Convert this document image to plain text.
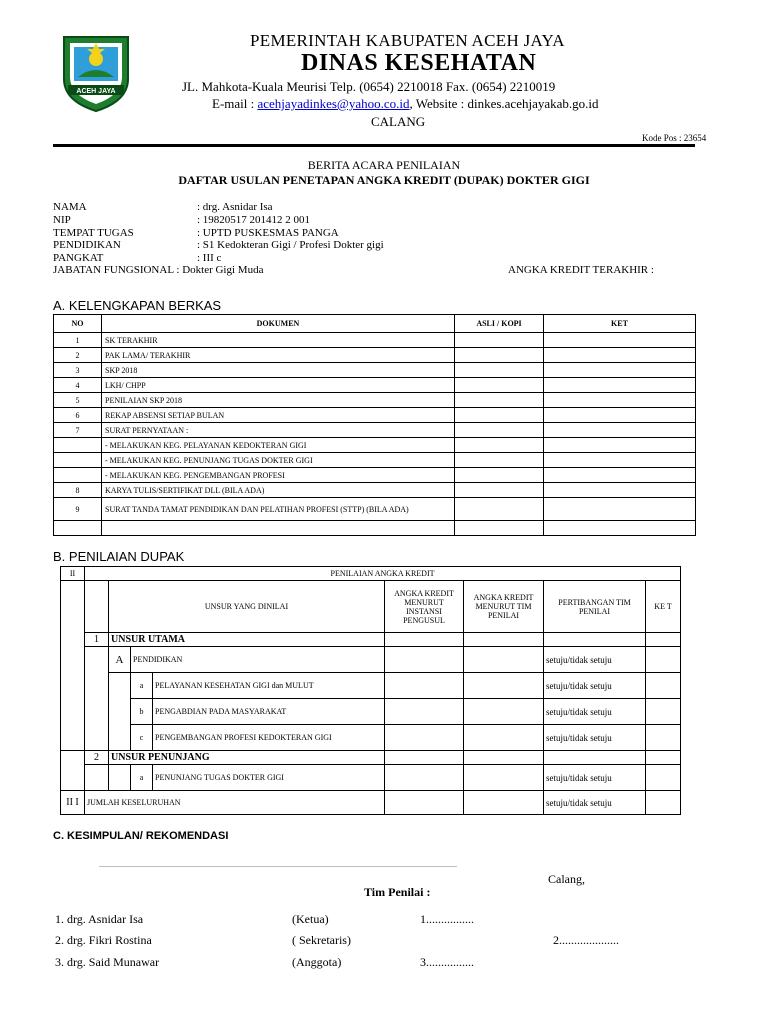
ACEH JAYA
PEMERINTAH KABUPATEN ACEH JAYA
DINAS KESEHATAN
JL. Mahkota-Kuala Meurisi Telp. (0654) 2210018 Fax. (0654) 2210019
E-mail : acehjayadinkes@yahoo.co.id, Website : dinkes.acehjayakab.go.id
CALANG
Kode Pos : 23654
BERITA ACARA PENILAIAN
DAFTAR USULAN PENETAPAN ANGKA KREDIT (DUPAK) DOKTER GIGI
NAMA	: drg. Asnidar Isa
NIP	: 19820517 201412 2 001
TEMPAT TUGAS	: UPTD PUSKESMAS PANGA
PENDIDIKAN	: S1 Kedokteran Gigi / Profesi Dokter gigi
PANGKAT	: III c
JABATAN FUNGSIONAL : Dokter Gigi Muda	ANGKA KREDIT TERAKHIR :
A. KELENGKAPAN BERKAS
NO	DOKUMEN	ASLI / KOPI	KET
1	SK TERAKHIR		
2	PAK LAMA/ TERAKHIR		
3	SKP 2018		
4	LKH/ CHPP		
5	PENILAIAN SKP 2018		
6	REKAP ABSENSI SETIAP BULAN		
7	SURAT PERNYATAAN :		
	- MELAKUKAN KEG. PELAYANAN KEDOKTERAN GIGI		
	- MELAKUKAN KEG. PENUNJANG TUGAS DOKTER GIGI		
	- MELAKUKAN KEG. PENGEMBANGAN PROFESI		
8	KARYA TULIS/SERTIFIKAT DLL (BILA ADA)		
9	SURAT TANDA TAMAT PENDIDIKAN DAN PELATIHAN PROFESI (STTP) (BILA ADA)		

B. PENILAIAN DUPAK
II	PENILAIAN ANGKA KREDIT							
		UNSUR YANG DINILAI			ANGKA KREDIT MENURUT INSTANSI PENGUSUL	ANGKA KREDIT MENURUT TIM PENILAI	PERTIBANGAN TIM PENILAI	KE T
	1	UNSUR UTAMA						
		A	PENDIDIKAN				setuju/tidak setuju	
			a	PELAYANAN KESEHATAN GIGI dan MULUT			setuju/tidak setuju	
			b	PENGABDIAN PADA MASYARAKAT			setuju/tidak setuju	
			c	PENGEMBANGAN PROFESI KEDOKTERAN GIGI			setuju/tidak setuju	
	2	UNSUR PENUNJANG						
			a	PENUNJANG TUGAS DOKTER GIGI			setuju/tidak setuju	
II I	JUMLAH KESELURUHAN						setuju/tidak setuju	
C. KESIMPULAN/ REKOMENDASI
...................................................................................................................................................................................
Calang,
Tim Penilai :
1. drg. Asnidar Isa	(Ketua)	1................
2. drg. Fikri Rostina	( Sekretaris)	2....................
3. drg. Said Munawar	(Anggota)	3................
